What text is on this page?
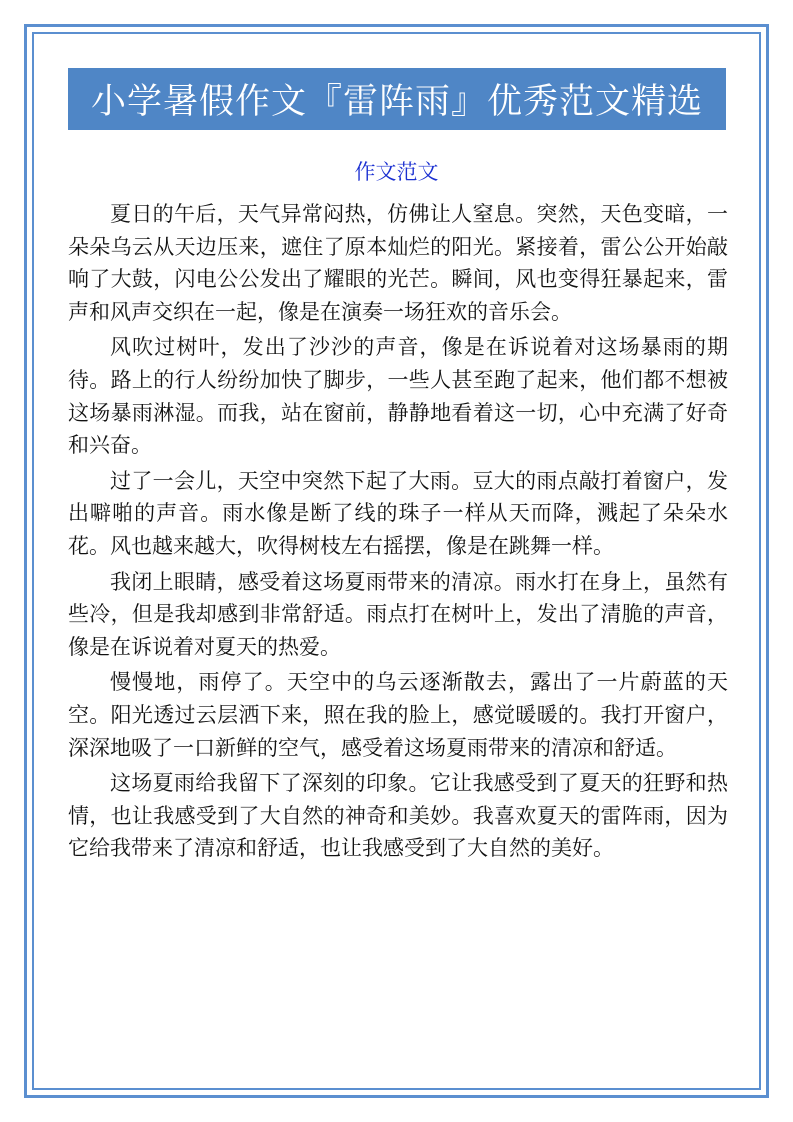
小学暑假作文『雷阵雨』优秀范文精选
作文范文

夏日的午后，天气异常闷热，仿佛让人窒息。突然，天色变暗，一朵朵乌云从天边压来，遮住了原本灿烂的阳光。紧接着，雷公公开始敲响了大鼓，闪电公公发出了耀眼的光芒。瞬间，风也变得狂暴起来，雷声和风声交织在一起，像是在演奏一场狂欢的音乐会。

风吹过树叶，发出了沙沙的声音，像是在诉说着对这场暴雨的期待。路上的行人纷纷加快了脚步，一些人甚至跑了起来，他们都不想被这场暴雨淋湿。而我，站在窗前，静静地看着这一切，心中充满了好奇和兴奋。

过了一会儿，天空中突然下起了大雨。豆大的雨点敲打着窗户，发出噼啪的声音。雨水像是断了线的珠子一样从天而降，溅起了朵朵水花。风也越来越大，吹得树枝左右摇摆，像是在跳舞一样。

我闭上眼睛，感受着这场夏雨带来的清凉。雨水打在身上，虽然有些冷，但是我却感到非常舒适。雨点打在树叶上，发出了清脆的声音，像是在诉说着对夏天的热爱。

慢慢地，雨停了。天空中的乌云逐渐散去，露出了一片蔚蓝的天空。阳光透过云层洒下来，照在我的脸上，感觉暖暖的。我打开窗户，深深地吸了一口新鲜的空气，感受着这场夏雨带来的清凉和舒适。

这场夏雨给我留下了深刻的印象。它让我感受到了夏天的狂野和热情，也让我感受到了大自然的神奇和美妙。我喜欢夏天的雷阵雨，因为它给我带来了清凉和舒适，也让我感受到了大自然的美好。
